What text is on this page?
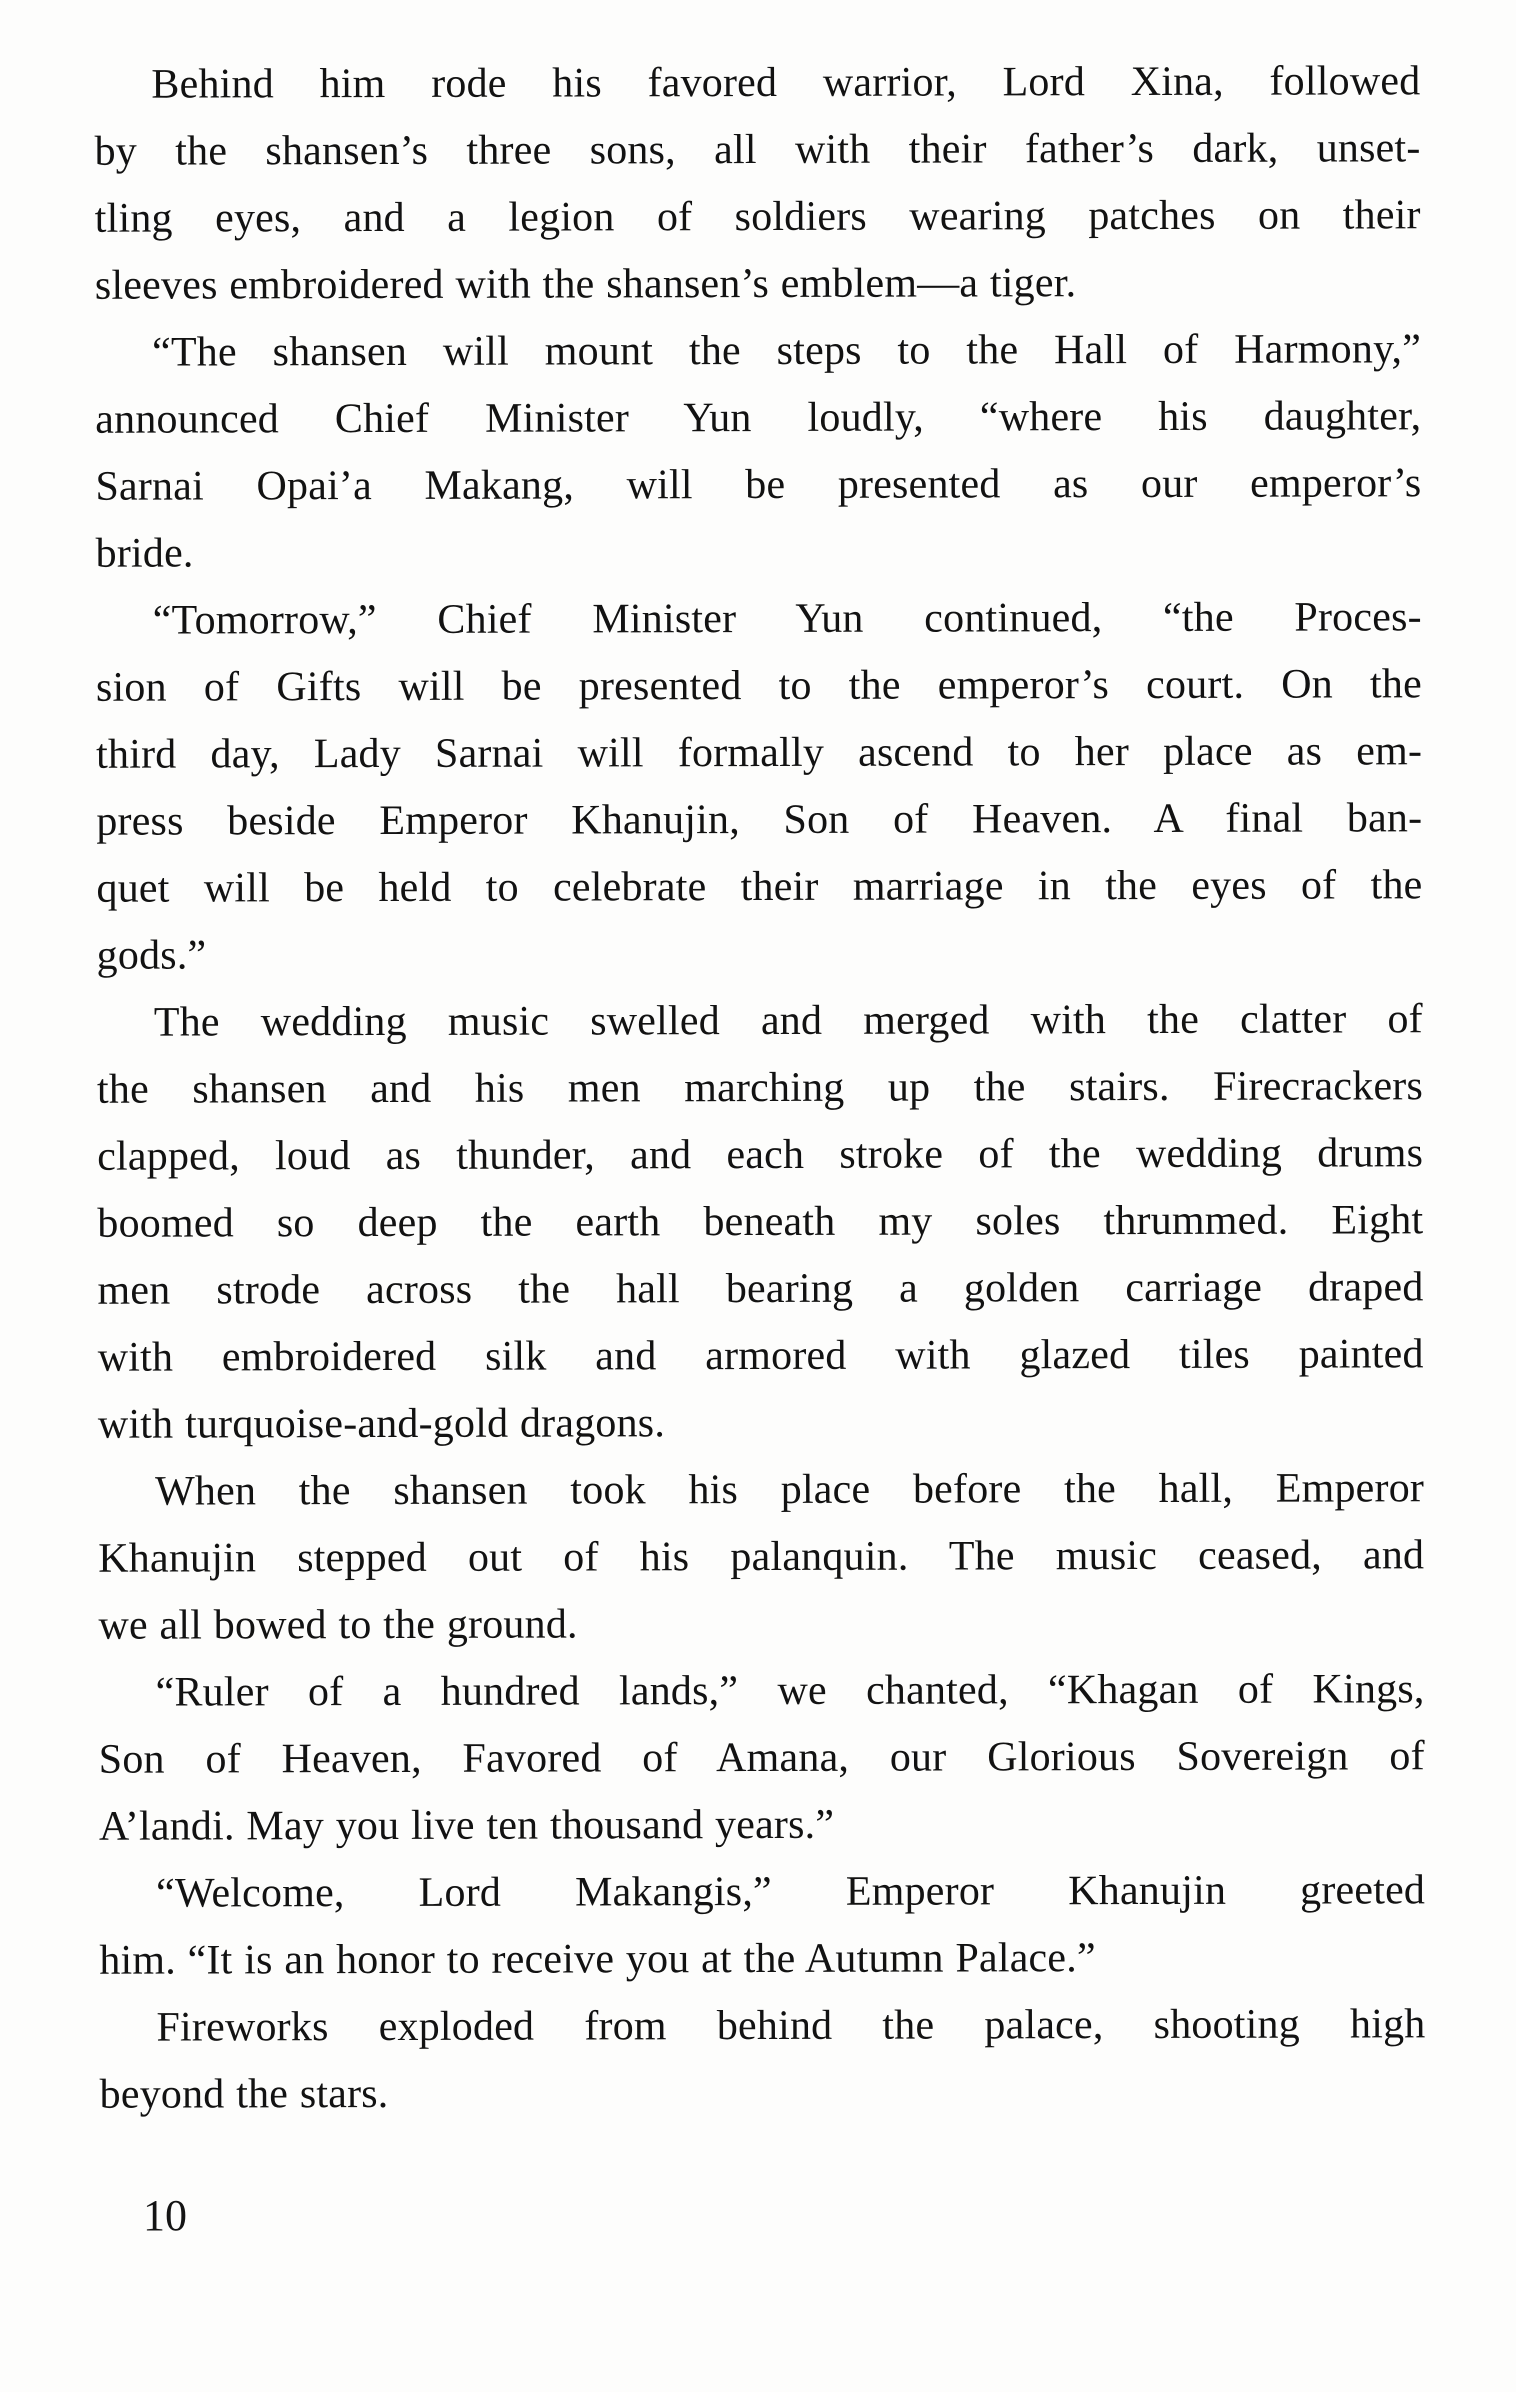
Behind him rode his favored warrior, Lord Xina, followed
by the shansen’s three sons, all with their father’s dark, unset-
tling eyes, and a legion of soldiers wearing patches on their
sleeves embroidered with the shansen’s emblem—a tiger.
“The shansen will mount the steps to the Hall of Harmony,”
announced Chief Minister Yun loudly, “where his daughter,
Sarnai Opai’a Makang, will be presented as our emperor’s
bride.
“Tomorrow,” Chief Minister Yun continued, “the Proces-
sion of Gifts will be presented to the emperor’s court. On the
third day, Lady Sarnai will formally ascend to her place as em-
press beside Emperor Khanujin, Son of Heaven. A final ban-
quet will be held to celebrate their marriage in the eyes of the
gods.”
The wedding music swelled and merged with the clatter of
the shansen and his men marching up the stairs. Firecrackers
clapped, loud as thunder, and each stroke of the wedding drums
boomed so deep the earth beneath my soles thrummed. Eight
men strode across the hall bearing a golden carriage draped
with embroidered silk and armored with glazed tiles painted
with turquoise-and-gold dragons.
When the shansen took his place before the hall, Emperor
Khanujin stepped out of his palanquin. The music ceased, and
we all bowed to the ground.
“Ruler of a hundred lands,” we chanted, “Khagan of Kings,
Son of Heaven, Favored of Amana, our Glorious Sovereign of
A’landi. May you live ten thousand years.”
“Welcome, Lord Makangis,” Emperor Khanujin greeted
him. “It is an honor to receive you at the Autumn Palace.”
Fireworks exploded from behind the palace, shooting high
beyond the stars.
10
